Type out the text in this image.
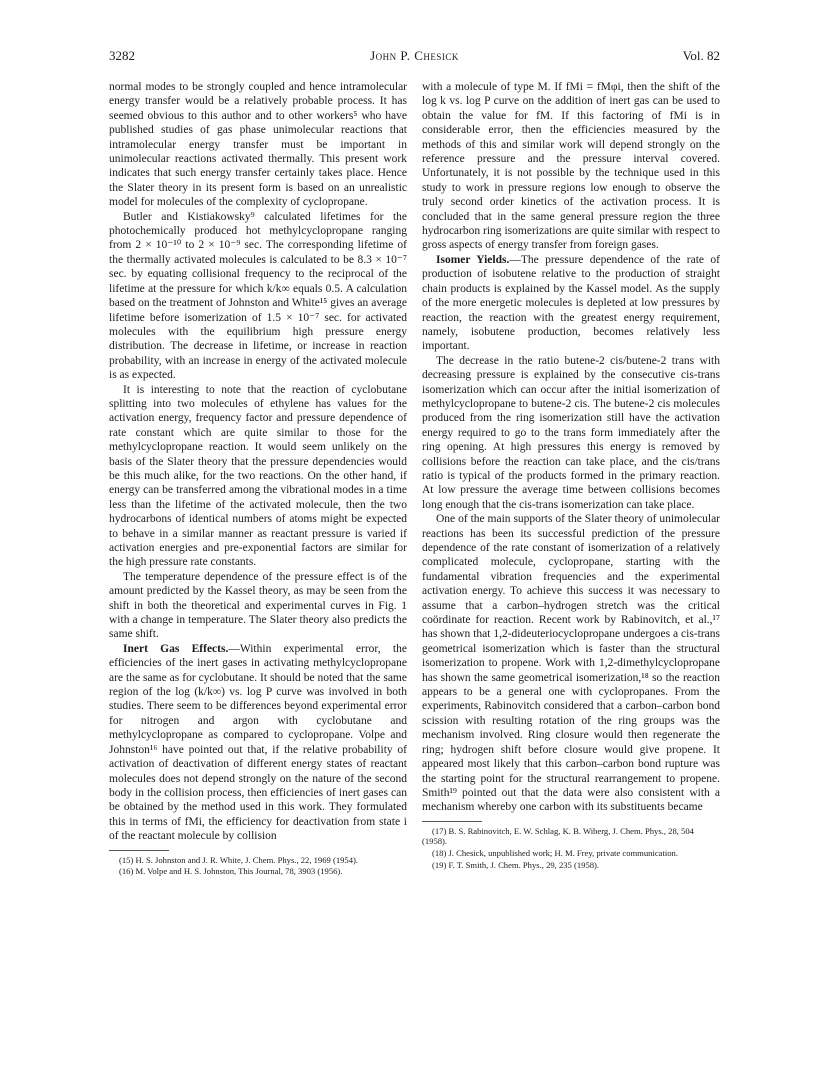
3282	John P. Chesick	Vol. 82

normal modes to be strongly coupled and hence intramolecular energy transfer would be a relatively probable process. It has seemed obvious to this author and to other workers⁵ who have published studies of gas phase unimolecular reactions that intramolecular energy transfer must be important in unimolecular reactions activated thermally. This present work indicates that such energy transfer certainly takes place. Hence the Slater theory in its present form is based on an unrealistic model for molecules of the complexity of cyclopropane.

Butler and Kistiakowsky⁹ calculated lifetimes for the photochemically produced hot methylcyclopropane ranging from 2 × 10⁻¹⁰ to 2 × 10⁻⁹ sec. The corresponding lifetime of the thermally activated molecules is calculated to be 8.3 × 10⁻⁷ sec. by equating collisional frequency to the reciprocal of the lifetime at the pressure for which k/k∞ equals 0.5. A calculation based on the treatment of Johnston and White¹⁵ gives an average lifetime before isomerization of 1.5 × 10⁻⁷ sec. for activated molecules with the equilibrium high pressure energy distribution. The decrease in lifetime, or increase in reaction probability, with an increase in energy of the activated molecule is as expected.

It is interesting to note that the reaction of cyclobutane splitting into two molecules of ethylene has values for the activation energy, frequency factor and pressure dependence of rate constant which are quite similar to those for the methylcyclopropane reaction. It would seem unlikely on the basis of the Slater theory that the pressure dependencies would be this much alike, for the two reactions. On the other hand, if energy can be transferred among the vibrational modes in a time less than the lifetime of the activated molecule, then the two hydrocarbons of identical numbers of atoms might be expected to behave in a similar manner as reactant pressure is varied if activation energies and pre-exponential factors are similar for the high pressure rate constants.

The temperature dependence of the pressure effect is of the amount predicted by the Kassel theory, as may be seen from the shift in both the theoretical and experimental curves in Fig. 1 with a change in temperature. The Slater theory also predicts the same shift.

Inert Gas Effects.—Within experimental error, the efficiencies of the inert gases in activating methylcyclopropane are the same as for cyclobutane. It should be noted that the same region of the log (k/k∞) vs. log P curve was involved in both studies. There seem to be differences beyond experimental error for nitrogen and argon with cyclobutane and methylcyclopropane as compared to cyclopropane. Volpe and Johnston¹⁶ have pointed out that, if the relative probability of activation of deactivation of different energy states of reactant molecules does not depend strongly on the nature of the second body in the collision process, then efficiencies of inert gases can be obtained by the method used in this work. They formulated this in terms of fMi, the efficiency for deactivation from state i of the reactant molecule by collision

(15) H. S. Johnston and J. R. White, J. Chem. Phys., 22, 1969 (1954).

(16) M. Volpe and H. S. Johnston, This Journal, 78, 3903 (1956).

with a molecule of type M. If fMi = fMφi, then the shift of the log k vs. log P curve on the addition of inert gas can be used to obtain the value for fM. If this factoring of fMi is in considerable error, then the efficiencies measured by the methods of this and similar work will depend strongly on the reference pressure and the pressure interval covered. Unfortunately, it is not possible by the technique used in this study to work in pressure regions low enough to observe the truly second order kinetics of the activation process. It is concluded that in the same general pressure region the three hydrocarbon ring isomerizations are quite similar with respect to gross aspects of energy transfer from foreign gases.

Isomer Yields.—The pressure dependence of the rate of production of isobutene relative to the production of straight chain products is explained by the Kassel model. As the supply of the more energetic molecules is depleted at low pressures by reaction, the reaction with the greatest energy requirement, namely, isobutene production, becomes relatively less important.

The decrease in the ratio butene-2 cis/butene-2 trans with decreasing pressure is explained by the consecutive cis-trans isomerization which can occur after the initial isomerization of methylcyclopropane to butene-2 cis. The butene-2 cis molecules produced from the ring isomerization still have the activation energy required to go to the trans form immediately after the ring opening. At high pressures this energy is removed by collisions before the reaction can take place, and the cis/trans ratio is typical of the products formed in the primary reaction. At low pressure the average time between collisions becomes long enough that the cis-trans isomerization can take place.

One of the main supports of the Slater theory of unimolecular reactions has been its successful prediction of the pressure dependence of the rate constant of isomerization of a relatively complicated molecule, cyclopropane, starting with the fundamental vibration frequencies and the experimental activation energy. To achieve this success it was necessary to assume that a carbon–hydrogen stretch was the critical coördinate for reaction. Recent work by Rabinovitch, et al.,¹⁷ has shown that 1,2-dideuteriocyclopropane undergoes a cis-trans geometrical isomerization which is faster than the structural isomerization to propene. Work with 1,2-dimethylcyclopropane has shown the same geometrical isomerization,¹⁸ so the reaction appears to be a general one with cyclopropanes. From the experiments, Rabinovitch considered that a carbon–carbon bond scission with resulting rotation of the ring groups was the mechanism involved. Ring closure would then regenerate the ring; hydrogen shift before closure would give propene. It appeared most likely that this carbon–carbon bond rupture was the starting point for the structural rearrangement to propene. Smith¹⁹ pointed out that the data were also consistent with a mechanism whereby one carbon with its substituents became

(17) B. S. Rabinovitch, E. W. Schlag, K. B. Wiberg, J. Chem. Phys., 28, 504 (1958).

(18) J. Chesick, unpublished work; H. M. Frey, private communication.

(19) F. T. Smith, J. Chem. Phys., 29, 235 (1958).
